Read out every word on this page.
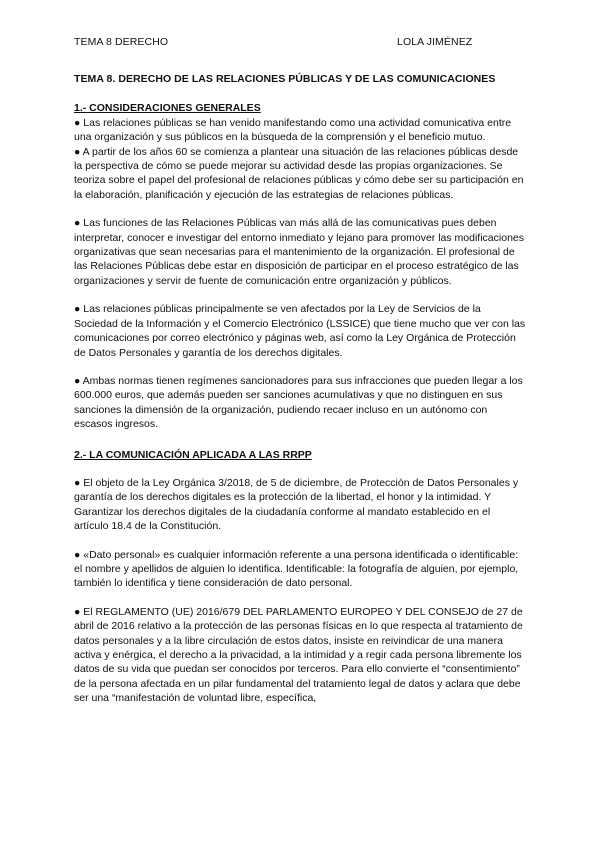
TEMA 8 DERECHO	LOLA JIMÉNEZ
TEMA 8. DERECHO DE LAS RELACIONES PÚBLICAS Y DE LAS COMUNICACIONES
1.- CONSIDERACIONES GENERALES

● Las relaciones públicas se han venido manifestando como una actividad comunicativa entre una organización y sus públicos en la búsqueda de la comprensión y el beneficio mutuo.

● A partir de los años 60 se comienza a plantear una situación de las relaciones públicas desde la perspectiva de cómo se puede mejorar su actividad desde las propias organizaciones. Se teoriza sobre el papel del profesional de relaciones públicas y cómo debe ser su participación en la elaboración, planificación y ejecución de las estrategias de relaciones públicas.

● Las funciones de las Relaciones Públicas van más allá de las comunicativas pues deben interpretar, conocer e investigar del entorno inmediato y lejano para promover las modificaciones organizativas que sean necesarias para el mantenimiento de la organización. El profesional de las Relaciones Públicas debe estar en disposición de participar en el proceso estratégico de las organizaciones y servir de fuente de comunicación entre organización y públicos.

● Las relaciones públicas principalmente se ven afectados por la Ley de Servicios de la Sociedad de la Información y el Comercio Electrónico (LSSICE) que tiene mucho que ver con las comunicaciones por correo electrónico y páginas web, así como la Ley Orgánica de Protección de Datos Personales y garantía de los derechos digitales.

● Ambas normas tienen regímenes sancionadores para sus infracciones que pueden llegar a los 600.000 euros, que además pueden ser sanciones acumulativas y que no distinguen en sus sanciones la dimensión de la organización, pudiendo recaer incluso en un autónomo con escasos ingresos.

2.- LA COMUNICACIÓN APLICADA A LAS RRPP

● El objeto de la Ley Orgánica 3/2018, de 5 de diciembre, de Protección de Datos Personales y garantía de los derechos digitales es la protección de la libertad, el honor y la intimidad. Y Garantizar los derechos digitales de la ciudadanía conforme al mandato establecido en el artículo 18.4 de la Constitución.

● «Dato personal» es cualquier información referente a una persona identificada o identificable: el nombre y apellidos de alguien lo identifica. Identificable: la fotografía de alguien, por ejemplo, también lo identifica y tiene consideración de dato personal.

● El REGLAMENTO (UE) 2016/679 DEL PARLAMENTO EUROPEO Y DEL CONSEJO de 27 de abril de 2016 relativo a la protección de las personas físicas en lo que respecta al tratamiento de datos personales y a la libre circulación de estos datos, insiste en reivindicar de una manera activa y enérgica, el derecho a la privacidad, a la intimidad y a regir cada persona libremente los datos de su vida que puedan ser conocidos por terceros. Para ello convierte el “consentimiento” de la persona afectada en un pilar fundamental del tratamiento legal de datos y aclara que debe ser una “manifestación de voluntad libre, específica,
